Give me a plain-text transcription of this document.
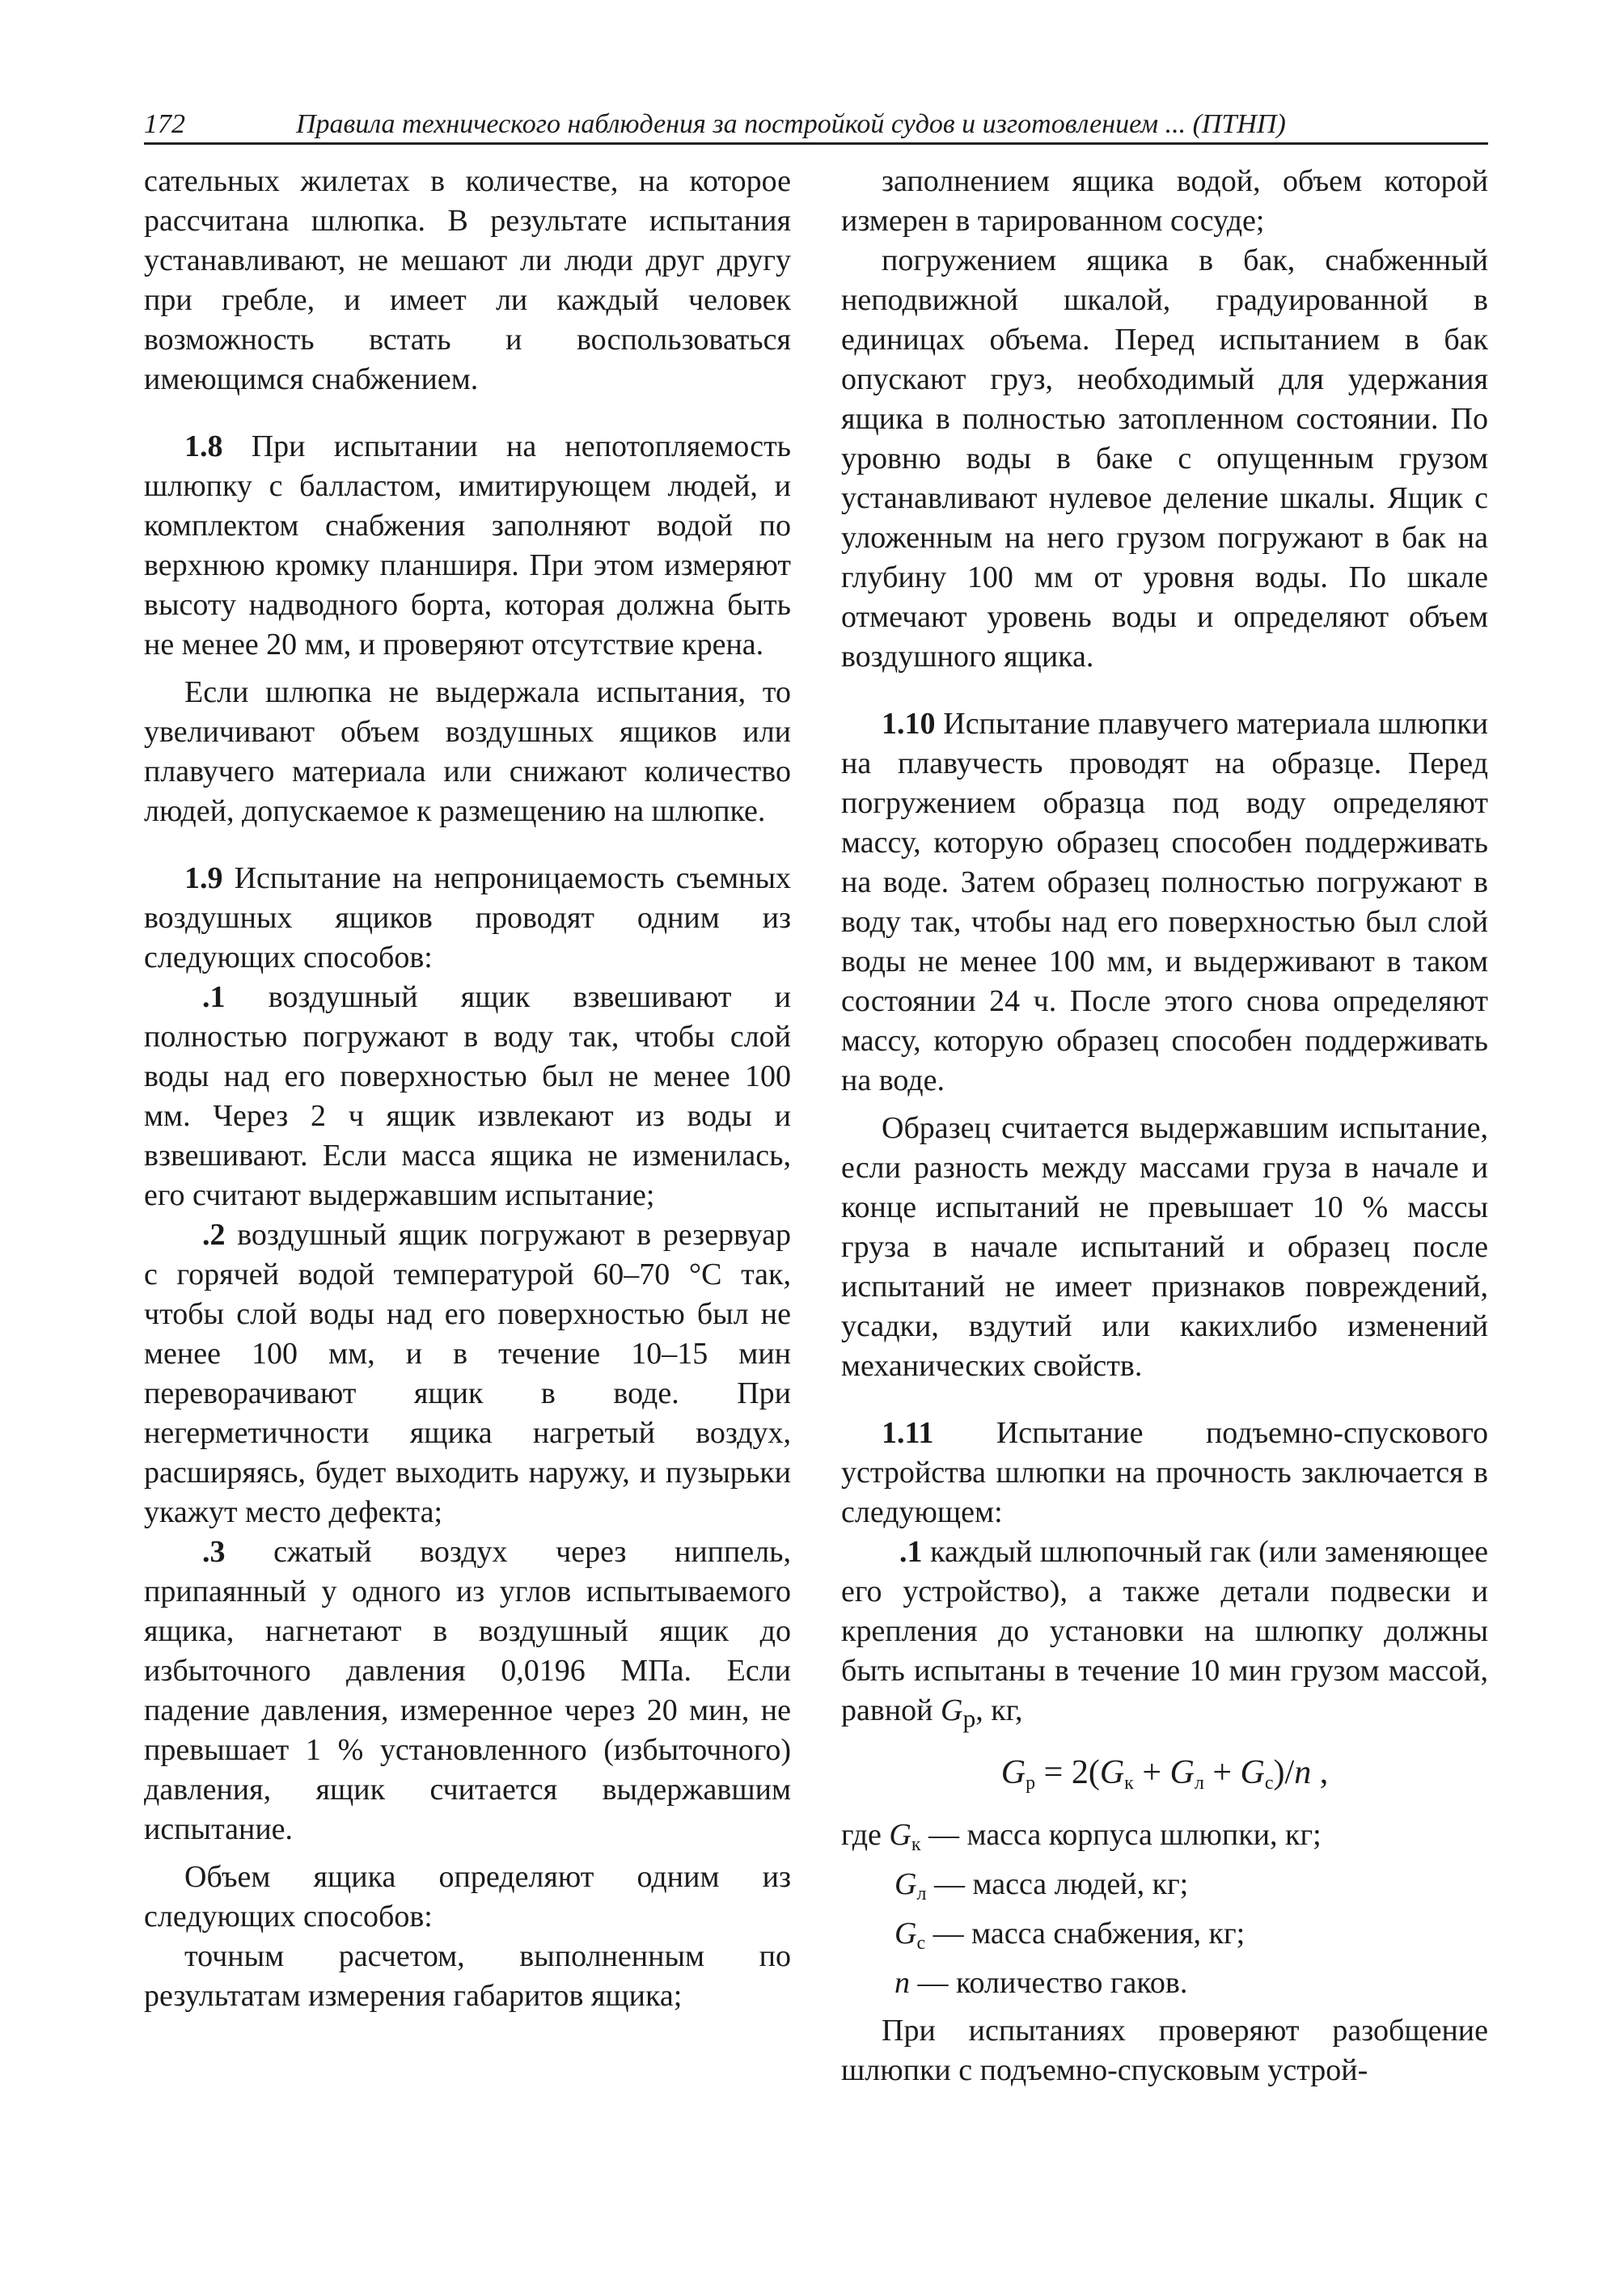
172	Правила технического наблюдения за постройкой судов и изготовлением ... (ПТНП)

сательных жилетах в количестве, на которое рассчитана шлюпка. В результате испытания устанавливают, не мешают ли люди друг другу при гребле, и имеет ли каждый человек возможность встать и воспользоваться имеющимся снабжением.

1.8 При испытании на непотопляемость шлюпку с балластом, имитирующем людей, и комплектом снабжения заполняют водой по верхнюю кромку планширя. При этом измеряют высоту надводного борта, которая должна быть не менее 20 мм, и проверяют отсутствие крена.

Если шлюпка не выдержала испытания, то увеличивают объем воздушных ящиков или плавучего материала или снижают количество людей, допускаемое к размещению на шлюпке.

1.9 Испытание на непроницаемость съемных воздушных ящиков проводят одним из следующих способов:

.1 воздушный ящик взвешивают и полностью погружают в воду так, чтобы слой воды над его поверхностью был не менее 100 мм. Через 2 ч ящик извлекают из воды и взвешивают. Если масса ящика не изменилась, его считают выдержавшим испытание;

.2 воздушный ящик погружают в резервуар с горячей водой температурой 60–70 °C так, чтобы слой воды над его поверхностью был не менее 100 мм, и в течение 10–15 мин переворачивают ящик в воде. При негерметичности ящика нагретый воздух, расширяясь, будет выходить наружу, и пузырьки укажут место дефекта;

.3 сжатый воздух через ниппель, припаянный у одного из углов испытываемого ящика, нагнетают в воздушный ящик до избыточного давления 0,0196 МПа. Если падение давления, измеренное через 20 мин, не превышает 1 % установленного (избыточного) давления, ящик считается выдержавшим испытание.

Объем ящика определяют одним из следующих способов:

точным расчетом, выполненным по результатам измерения габаритов ящика;

заполнением ящика водой, объем которой измерен в тарированном сосуде;

погружением ящика в бак, снабженный неподвижной шкалой, градуированной в единицах объема. Перед испытанием в бак опускают груз, необходимый для удержания ящика в полностью затопленном состоянии. По уровню воды в баке с опущенным грузом устанавливают нулевое деление шкалы. Ящик с уложенным на него грузом погружают в бак на глубину 100 мм от уровня воды. По шкале отмечают уровень воды и определяют объем воздушного ящика.

1.10 Испытание плавучего материала шлюпки на плавучесть проводят на образце. Перед погружением образца под воду определяют массу, которую образец способен поддерживать на воде. Затем образец полностью погружают в воду так, чтобы над его поверхностью был слой воды не менее 100 мм, и выдерживают в таком состоянии 24 ч. После этого снова определяют массу, которую образец способен поддерживать на воде.

Образец считается выдержавшим испытание, если разность между массами груза в начале и конце испытаний не превышает 10 % массы груза в начале испытаний и образец после испытаний не имеет признаков повреждений, усадки, вздутий или какихлибо изменений механических свойств.

1.11 Испытание подъемно-спускового устройства шлюпки на прочность заключается в следующем:

.1 каждый шлюпочный гак (или заменяющее его устройство), а также детали подвески и крепления до установки на шлюпку должны быть испытаны в течение 10 мин грузом массой, равной $G_р$, кг,

$G_р = 2(G_к + G_л + G_с)/n$ ,

где $G_к$ — масса корпуса шлюпки, кг;

$G_л$ — масса людей, кг;

$G_с$ — масса снабжения, кг;

n — количество гаков.

При испытаниях проверяют разобщение шлюпки с подъемно-спусковым устрой-
